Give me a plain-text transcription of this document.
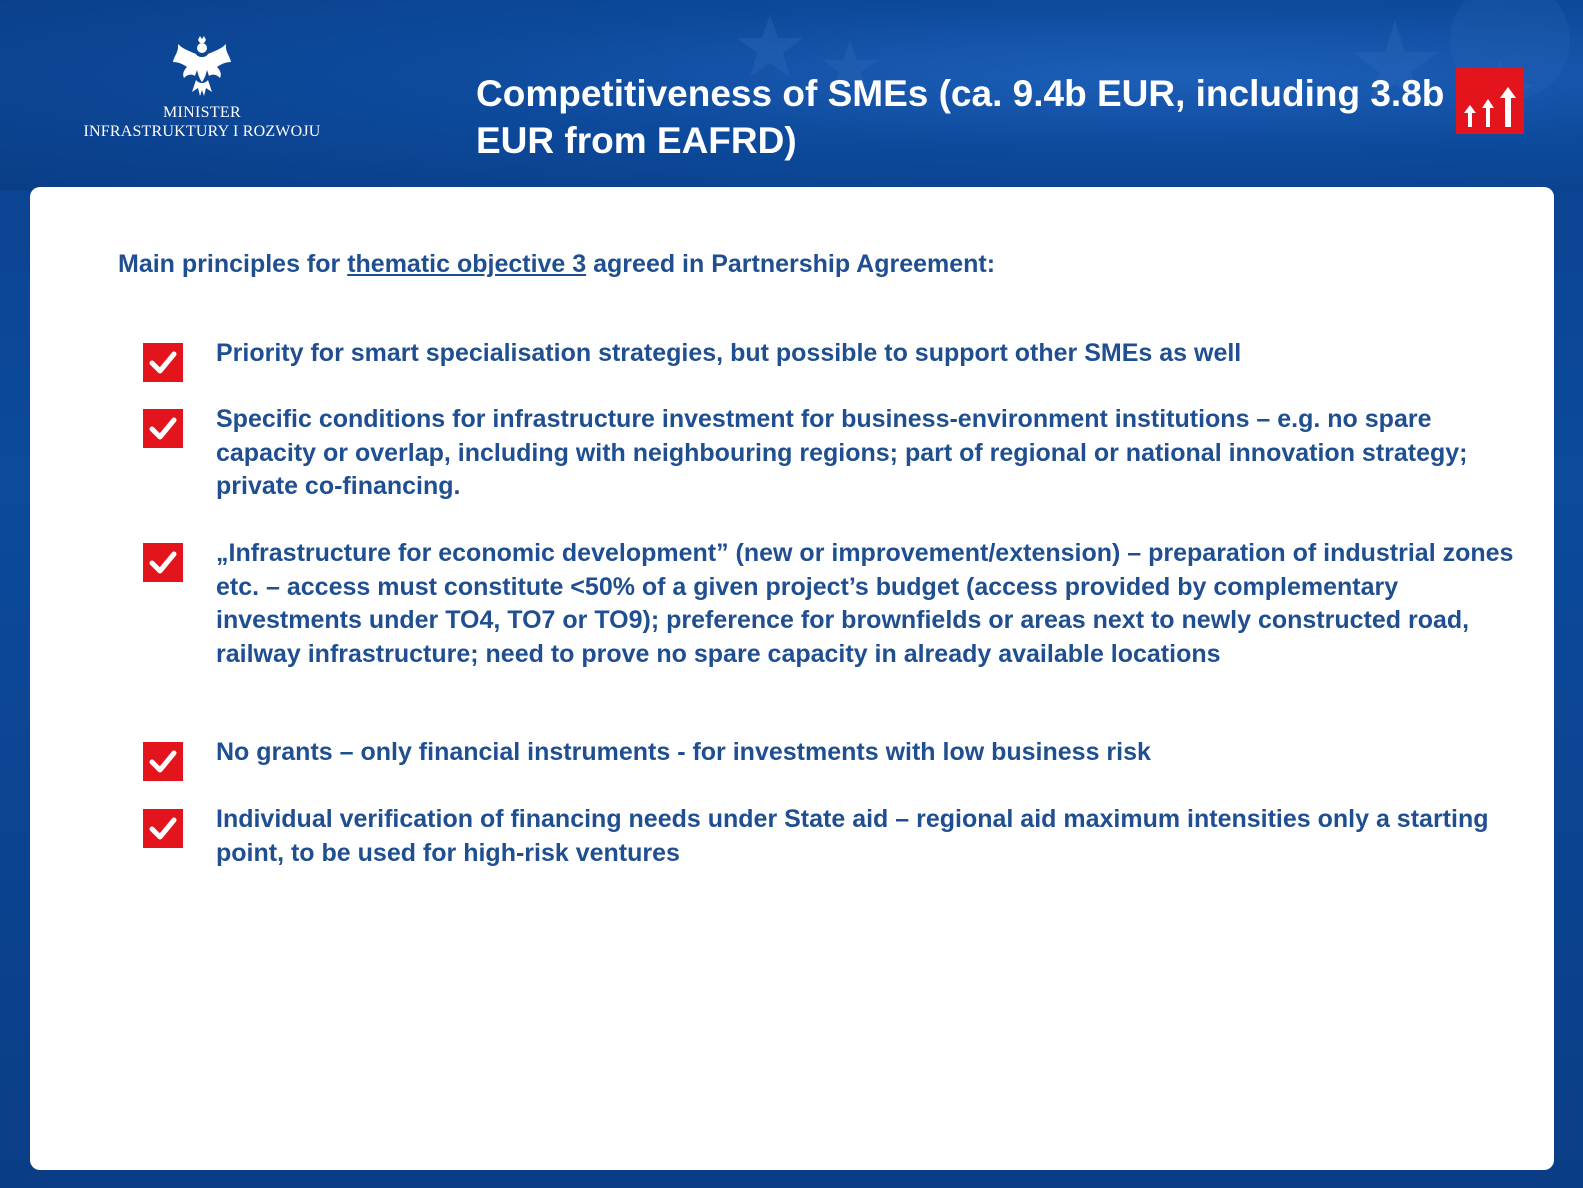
MINISTER
INFRASTRUKTURY I ROZWOJU
Competitiveness of SMEs (ca. 9.4b EUR, including 3.8b EUR from EAFRD)

Main principles for thematic objective 3 agreed in Partnership Agreement:

Priority for smart specialisation strategies, but possible to support other SMEs as well

Specific conditions for infrastructure investment for business-environment institutions – e.g. no spare capacity or overlap, including with neighbouring regions; part of regional or national innovation strategy; private co-financing.

„Infrastructure for economic development” (new or improvement/extension) – preparation of industrial zones etc. – access must constitute <50% of a given project’s budget (access provided by complementary investments under TO4, TO7 or TO9); preference for brownfields or areas next to newly constructed road, railway infrastructure; need to prove no spare capacity in already available locations

No grants – only financial instruments - for investments with low business risk

Individual verification of financing needs under State aid – regional aid maximum intensities only a starting point, to be used for high-risk ventures
